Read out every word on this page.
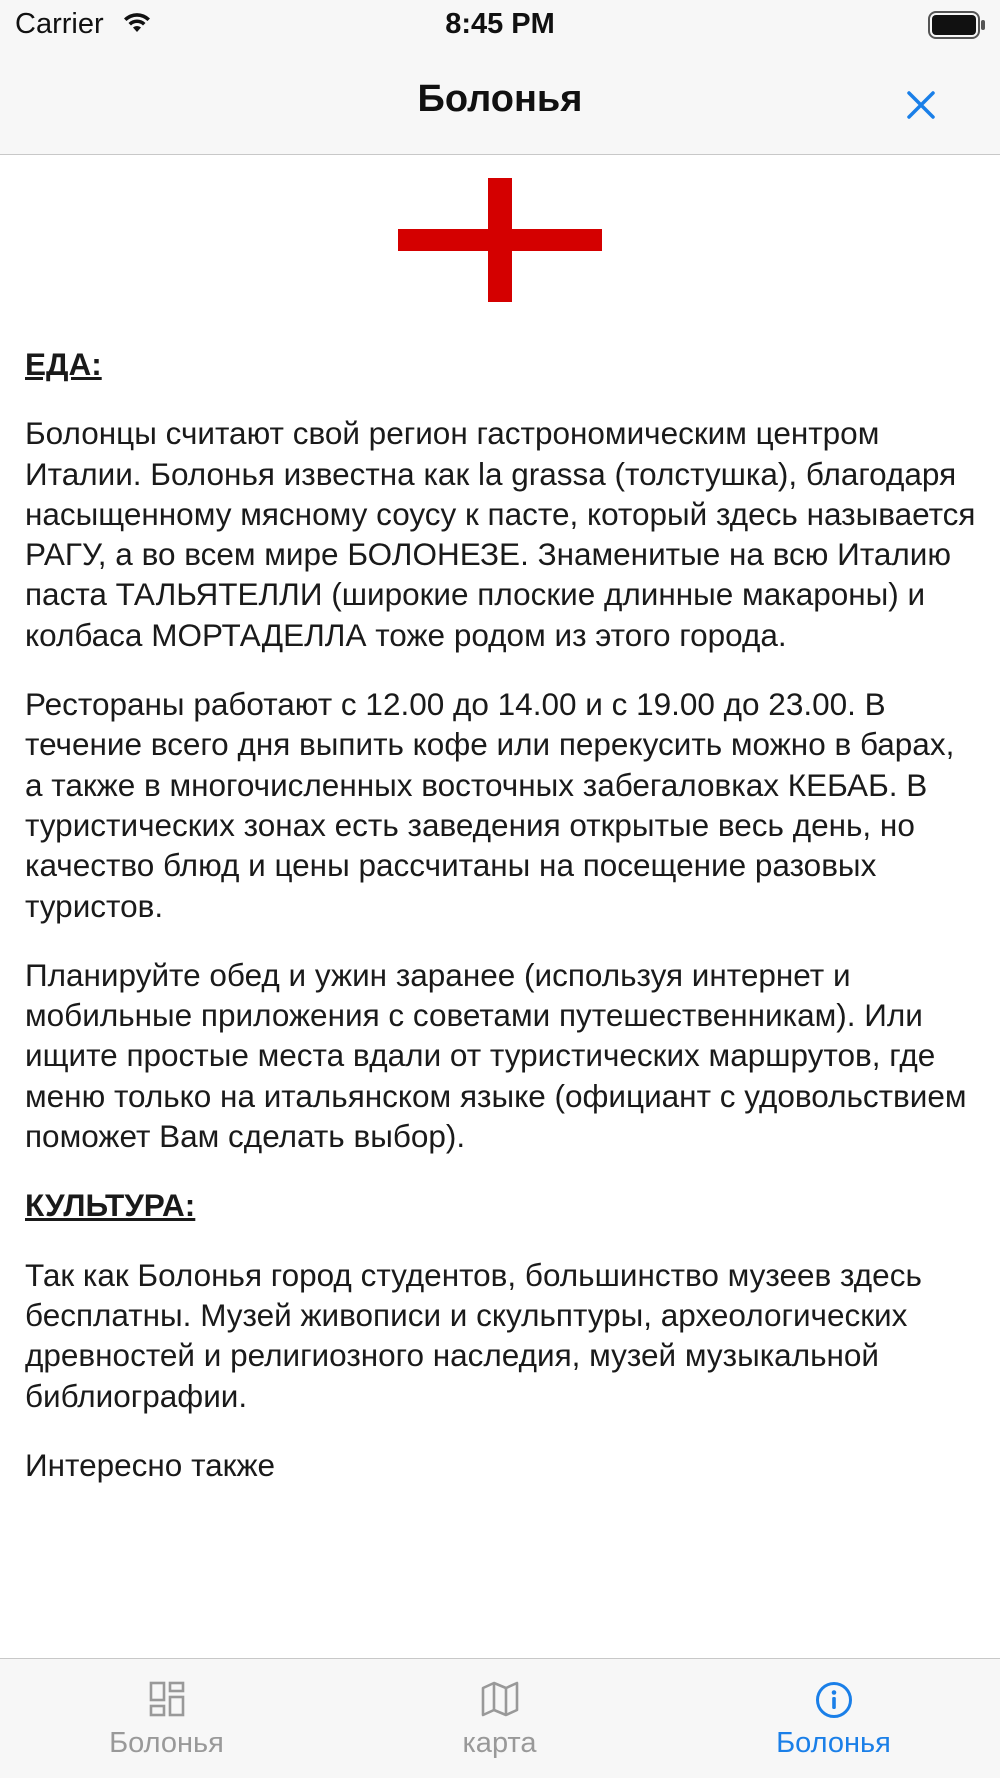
Carrier	8:45 PM
Болонья

ЕДА:

Болонцы считают свой регион гастрономическим центром Италии. Болонья известна как la grassa (толстушка), благодаря насыщенному мясному соусу к пасте, который здесь называется РАГУ, а во всем мире БОЛОНЕЗЕ. Знаменитые на всю Италию паста ТАЛЬЯТЕЛЛИ (широкие плоские длинные макароны) и колбаса МОРТАДЕЛЛА тоже родом из этого города.

Рестораны работают с 12.00 до 14.00 и с 19.00 до 23.00. В течение всего дня выпить кофе или перекусить можно в барах, а также в многочисленных восточных забегаловках КЕБАБ. В туристических зонах есть заведения открытые весь день, но качество блюд и цены рассчитаны на посещение разовых туристов.

Планируйте обед и ужин заранее (используя интернет и мобильные приложения с советами путешественникам). Или ищите простые места вдали от туристических маршрутов, где меню только на итальянском языке (официант с удовольствием поможет Вам сделать выбор).

КУЛЬТУРА:

Так как Болонья город студентов, большинство музеев здесь бесплатны. Музей живописи и скульптуры, археологических древностей и религиозного наследия, музей музыкальной библиографии.

Интересно также

Болонья	карта	Болонья
